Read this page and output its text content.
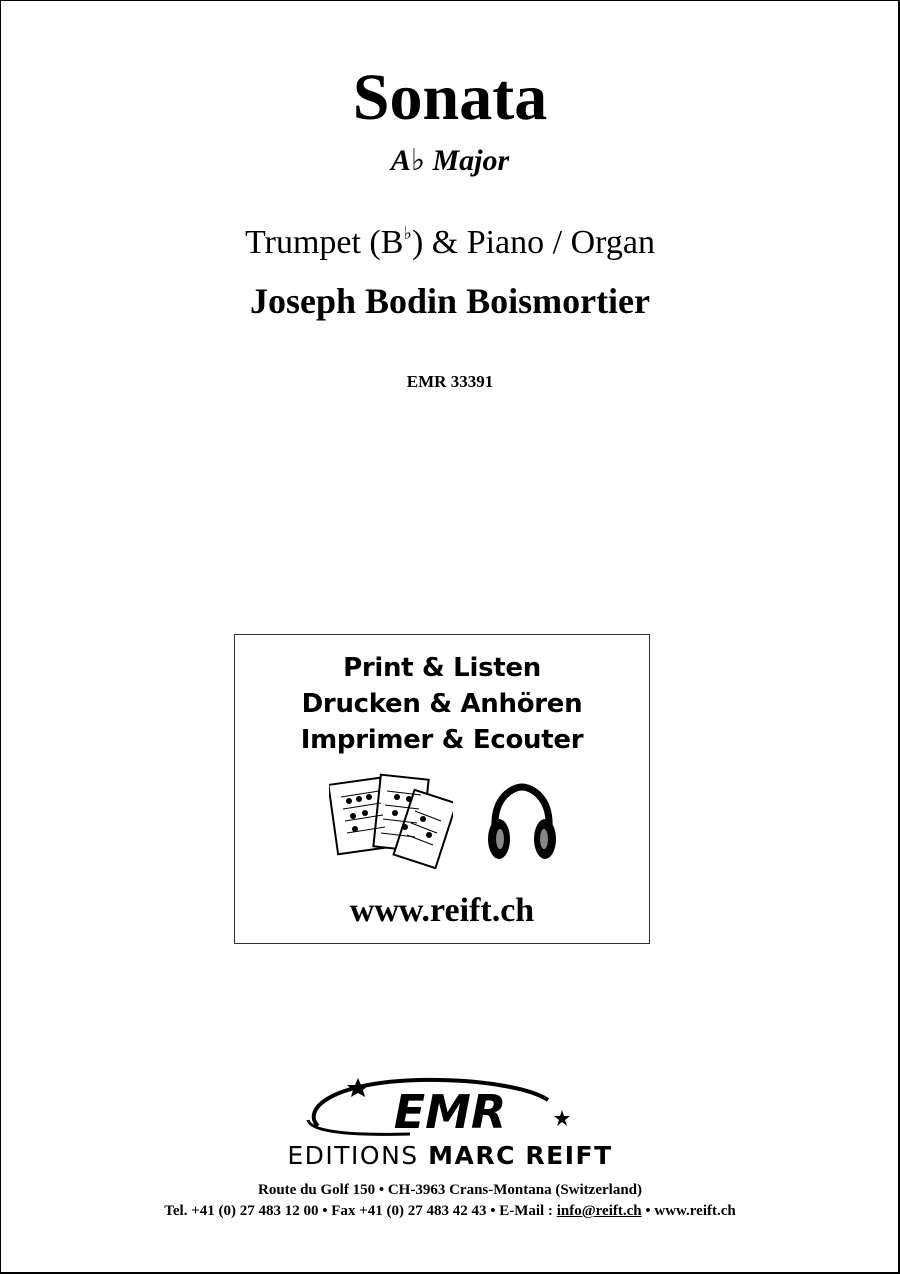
Sonata
A♭ Major
Trumpet (B♭) & Piano / Organ
Joseph Bodin Boismortier
EMR 33391
Print & Listen
Drucken & Anhören
Imprimer & Ecouter
www.reift.ch
EMR
EDITIONS MARC REIFT
Route du Golf 150 • CH-3963 Crans-Montana (Switzerland)
Tel. +41 (0) 27 483 12 00 • Fax +41 (0) 27 483 42 43 • E-Mail : info@reift.ch • www.reift.ch
